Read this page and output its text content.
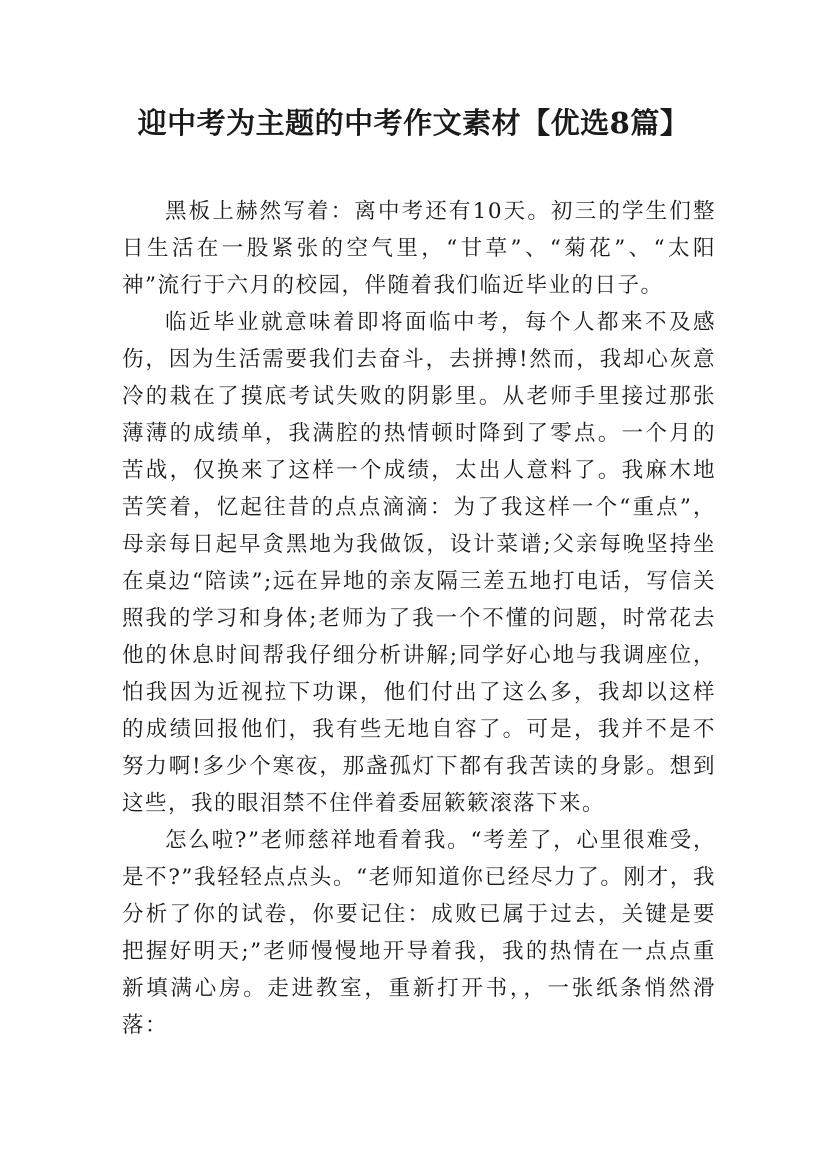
迎中考为主题的中考作文素材【优选8篇】

黑板上赫然写着：离中考还有10天。初三的学生们整日生活在一股紧张的空气里，“甘草”、“菊花”、“太阳神”流行于六月的校园，伴随着我们临近毕业的日子。

临近毕业就意味着即将面临中考，每个人都来不及感伤，因为生活需要我们去奋斗，去拼搏!然而，我却心灰意冷的栽在了摸底考试失败的阴影里。从老师手里接过那张薄薄的成绩单，我满腔的热情顿时降到了零点。一个月的苦战，仅换来了这样一个成绩，太出人意料了。我麻木地苦笑着，忆起往昔的点点滴滴：为了我这样一个“重点”，母亲每日起早贪黑地为我做饭，设计菜谱;父亲每晚坚持坐在桌边“陪读”;远在异地的亲友隔三差五地打电话，写信关照我的学习和身体;老师为了我一个不懂的问题，时常花去他的休息时间帮我仔细分析讲解;同学好心地与我调座位，怕我因为近视拉下功课，他们付出了这么多，我却以这样的成绩回报他们，我有些无地自容了。可是，我并不是不努力啊!多少个寒夜，那盏孤灯下都有我苦读的身影。想到这些，我的眼泪禁不住伴着委屈簌簌滚落下来。

怎么啦?”老师慈祥地看着我。“考差了，心里很难受，是不?”我轻轻点点头。“老师知道你已经尽力了。刚才，我分析了你的试卷，你要记住：成败已属于过去，关键是要把握好明天;”老师慢慢地开导着我，我的热情在一点点重新填满心房。走进教室，重新打开书，，一张纸条悄然滑落：
